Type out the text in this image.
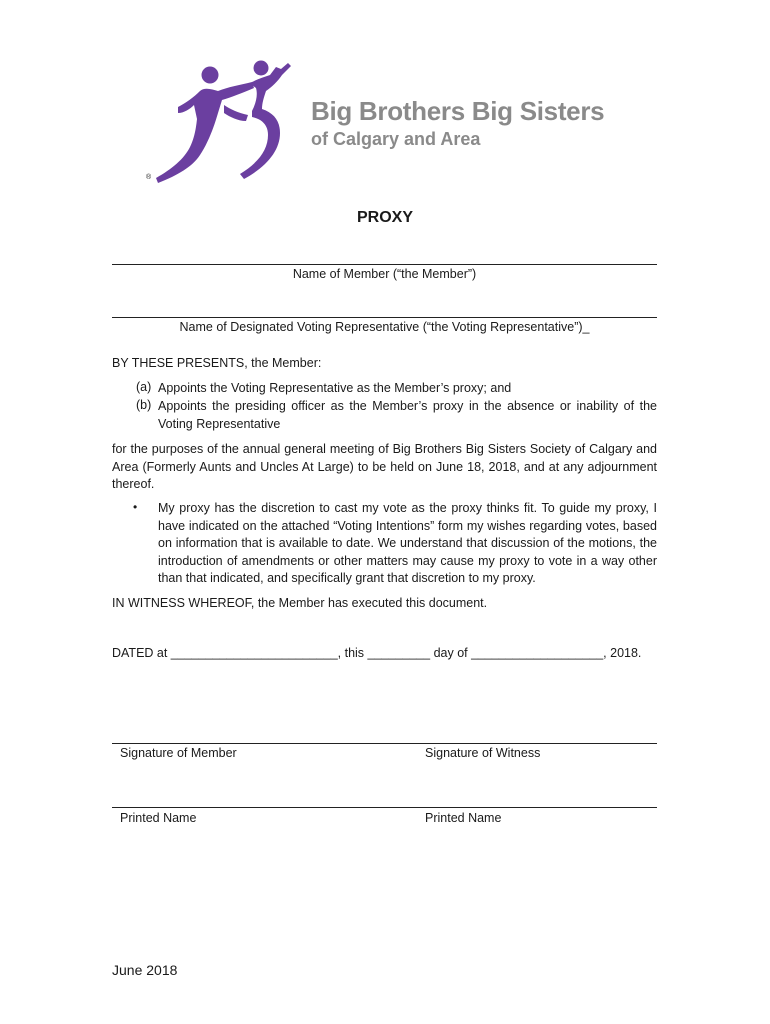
®
Big Brothers Big Sisters
of Calgary and Area
PROXY
Name of Member (“the Member”)
Name of Designated Voting Representative (“the Voting Representative”)_
BY THESE PRESENTS, the Member:
(a) Appoints the Voting Representative as the Member’s proxy; and
(b) Appoints the presiding officer as the Member’s proxy in the absence or inability of the Voting Representative
for the purposes of the annual general meeting of Big Brothers Big Sisters Society of Calgary and Area (Formerly Aunts and Uncles At Large) to be held on June 18, 2018, and at any adjournment thereof.
• My proxy has the discretion to cast my vote as the proxy thinks fit. To guide my proxy, I have indicated on the attached “Voting Intentions” form my wishes regarding votes, based on information that is available to date. We understand that discussion of the motions, the introduction of amendments or other matters may cause my proxy to vote in a way other than that indicated, and specifically grant that discretion to my proxy.
IN WITNESS WHEREOF, the Member has executed this document.
DATED at ________________________, this _________ day of ___________________, 2018.
Signature of Member	Signature of Witness
Printed Name	Printed Name
June 2018
